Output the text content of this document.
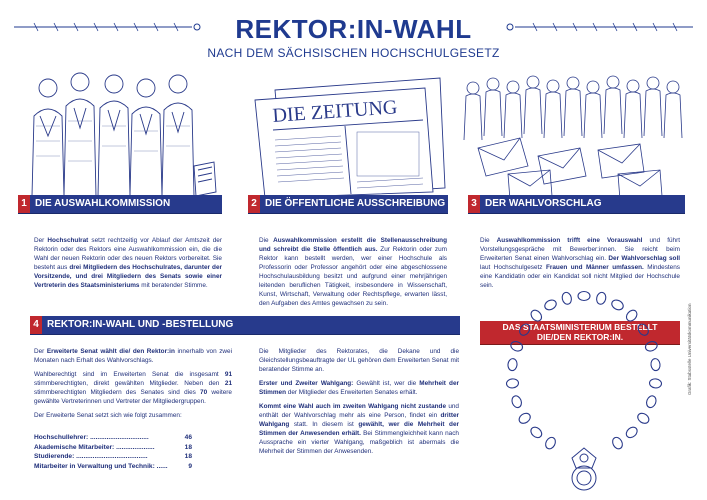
REKTOR:IN-WAHL
NACH DEM SÄCHSISCHEN HOCHSCHULGESETZ
DIE ZEITUNG
1 DIE AUSWAHLKOMMISSION	2 DIE ÖFFENTLICHE AUSSCHREIBUNG	3 DER WAHLVORSCHLAG
4 REKTOR:IN-WAHL UND -BESTELLUNG
Der Hochschulrat setzt rechtzeitig vor Ablauf der Amtszeit der Rektorin oder des Rektors eine Auswahlkommission ein, die die Wahl der neuen Rektorin oder des neuen Rektors vorbereitet. Sie besteht aus drei Mitgliedern des Hochschulrates, darunter der Vorsitzende, und drei Mitgliedern des Senats sowie einer Vertreterin des Staatsministeriums mit beratender Stimme.
Die Auswahlkommission erstellt die Stellenausschreibung und schreibt die Stelle öffentlich aus. Zur Rektorin oder zum Rektor kann bestellt werden, wer einer Hochschule als Professorin oder Professor angehört oder eine abgeschlossene Hochschulausbildung besitzt und aufgrund einer mehrjährigen leitenden beruflichen Tätigkeit, insbesondere in Wissenschaft, Kunst, Wirtschaft, Verwaltung oder Rechtspflege, erwarten lässt, den Aufgaben des Amtes gewachsen zu sein.
Die Auswahlkommission trifft eine Vorauswahl und führt Vorstellungsgespräche mit Bewerber:innen. Sie reicht beim Erweiterten Senat einen Wahlvorschlag ein. Der Wahlvorschlag soll laut Hochschulgesetz Frauen und Männer umfassen. Mindestens eine Kandidatin oder ein Kandidat soll nicht Mitglied der Hochschule sein.

Der Erweiterte Senat wählt die/ den Rektor:in innerhalb von zwei Monaten nach Erhalt des Wahlvorschlags.

Wahlberechtigt sind im Erweiterten Senat die insgesamt 91 stimmberechtigten, direkt gewählten Mitglieder. Neben den 21 stimmberechtigten Mitgliedern des Senates sind dies 70 weitere gewählte Vertreterinnen und Vertreter der Mitgliedergruppen.

Der Erweiterte Senat setzt sich wie folgt zusammen:

Hochschullehrer: ................................	46
Akademische Mitarbeiter: .....................	18
Studierende: .......................................	18
Mitarbeiter in Verwaltung und Technik: ......	9

Die Mitglieder des Rektorates, die Dekane und die Gleichstellungsbeauftragte der UL gehören dem Erweiterten Senat mit beratender Stimme an.

Erster und Zweiter Wahlgang: Gewählt ist, wer die Mehrheit der Stimmen der Mitglieder des Erweiterten Senates erhält.

Kommt eine Wahl auch im zweiten Wahlgang nicht zustande und enthält der Wahlvorschlag mehr als eine Person, findet ein dritter Wahlgang statt. In diesem ist gewählt, wer die Mehrheit der Stimmen der Anwesenden erhält. Bei Stimmengleichheit kann nach Aussprache ein vierter Wahlgang, maßgeblich ist abermals die Mehrheit der Stimmen der Anwesenden.

DAS STAATSMINISTERIUM BESTELLT
DIE/DEN REKTOR:IN.	Grafik: Stabsstelle Universitätskommunikation
